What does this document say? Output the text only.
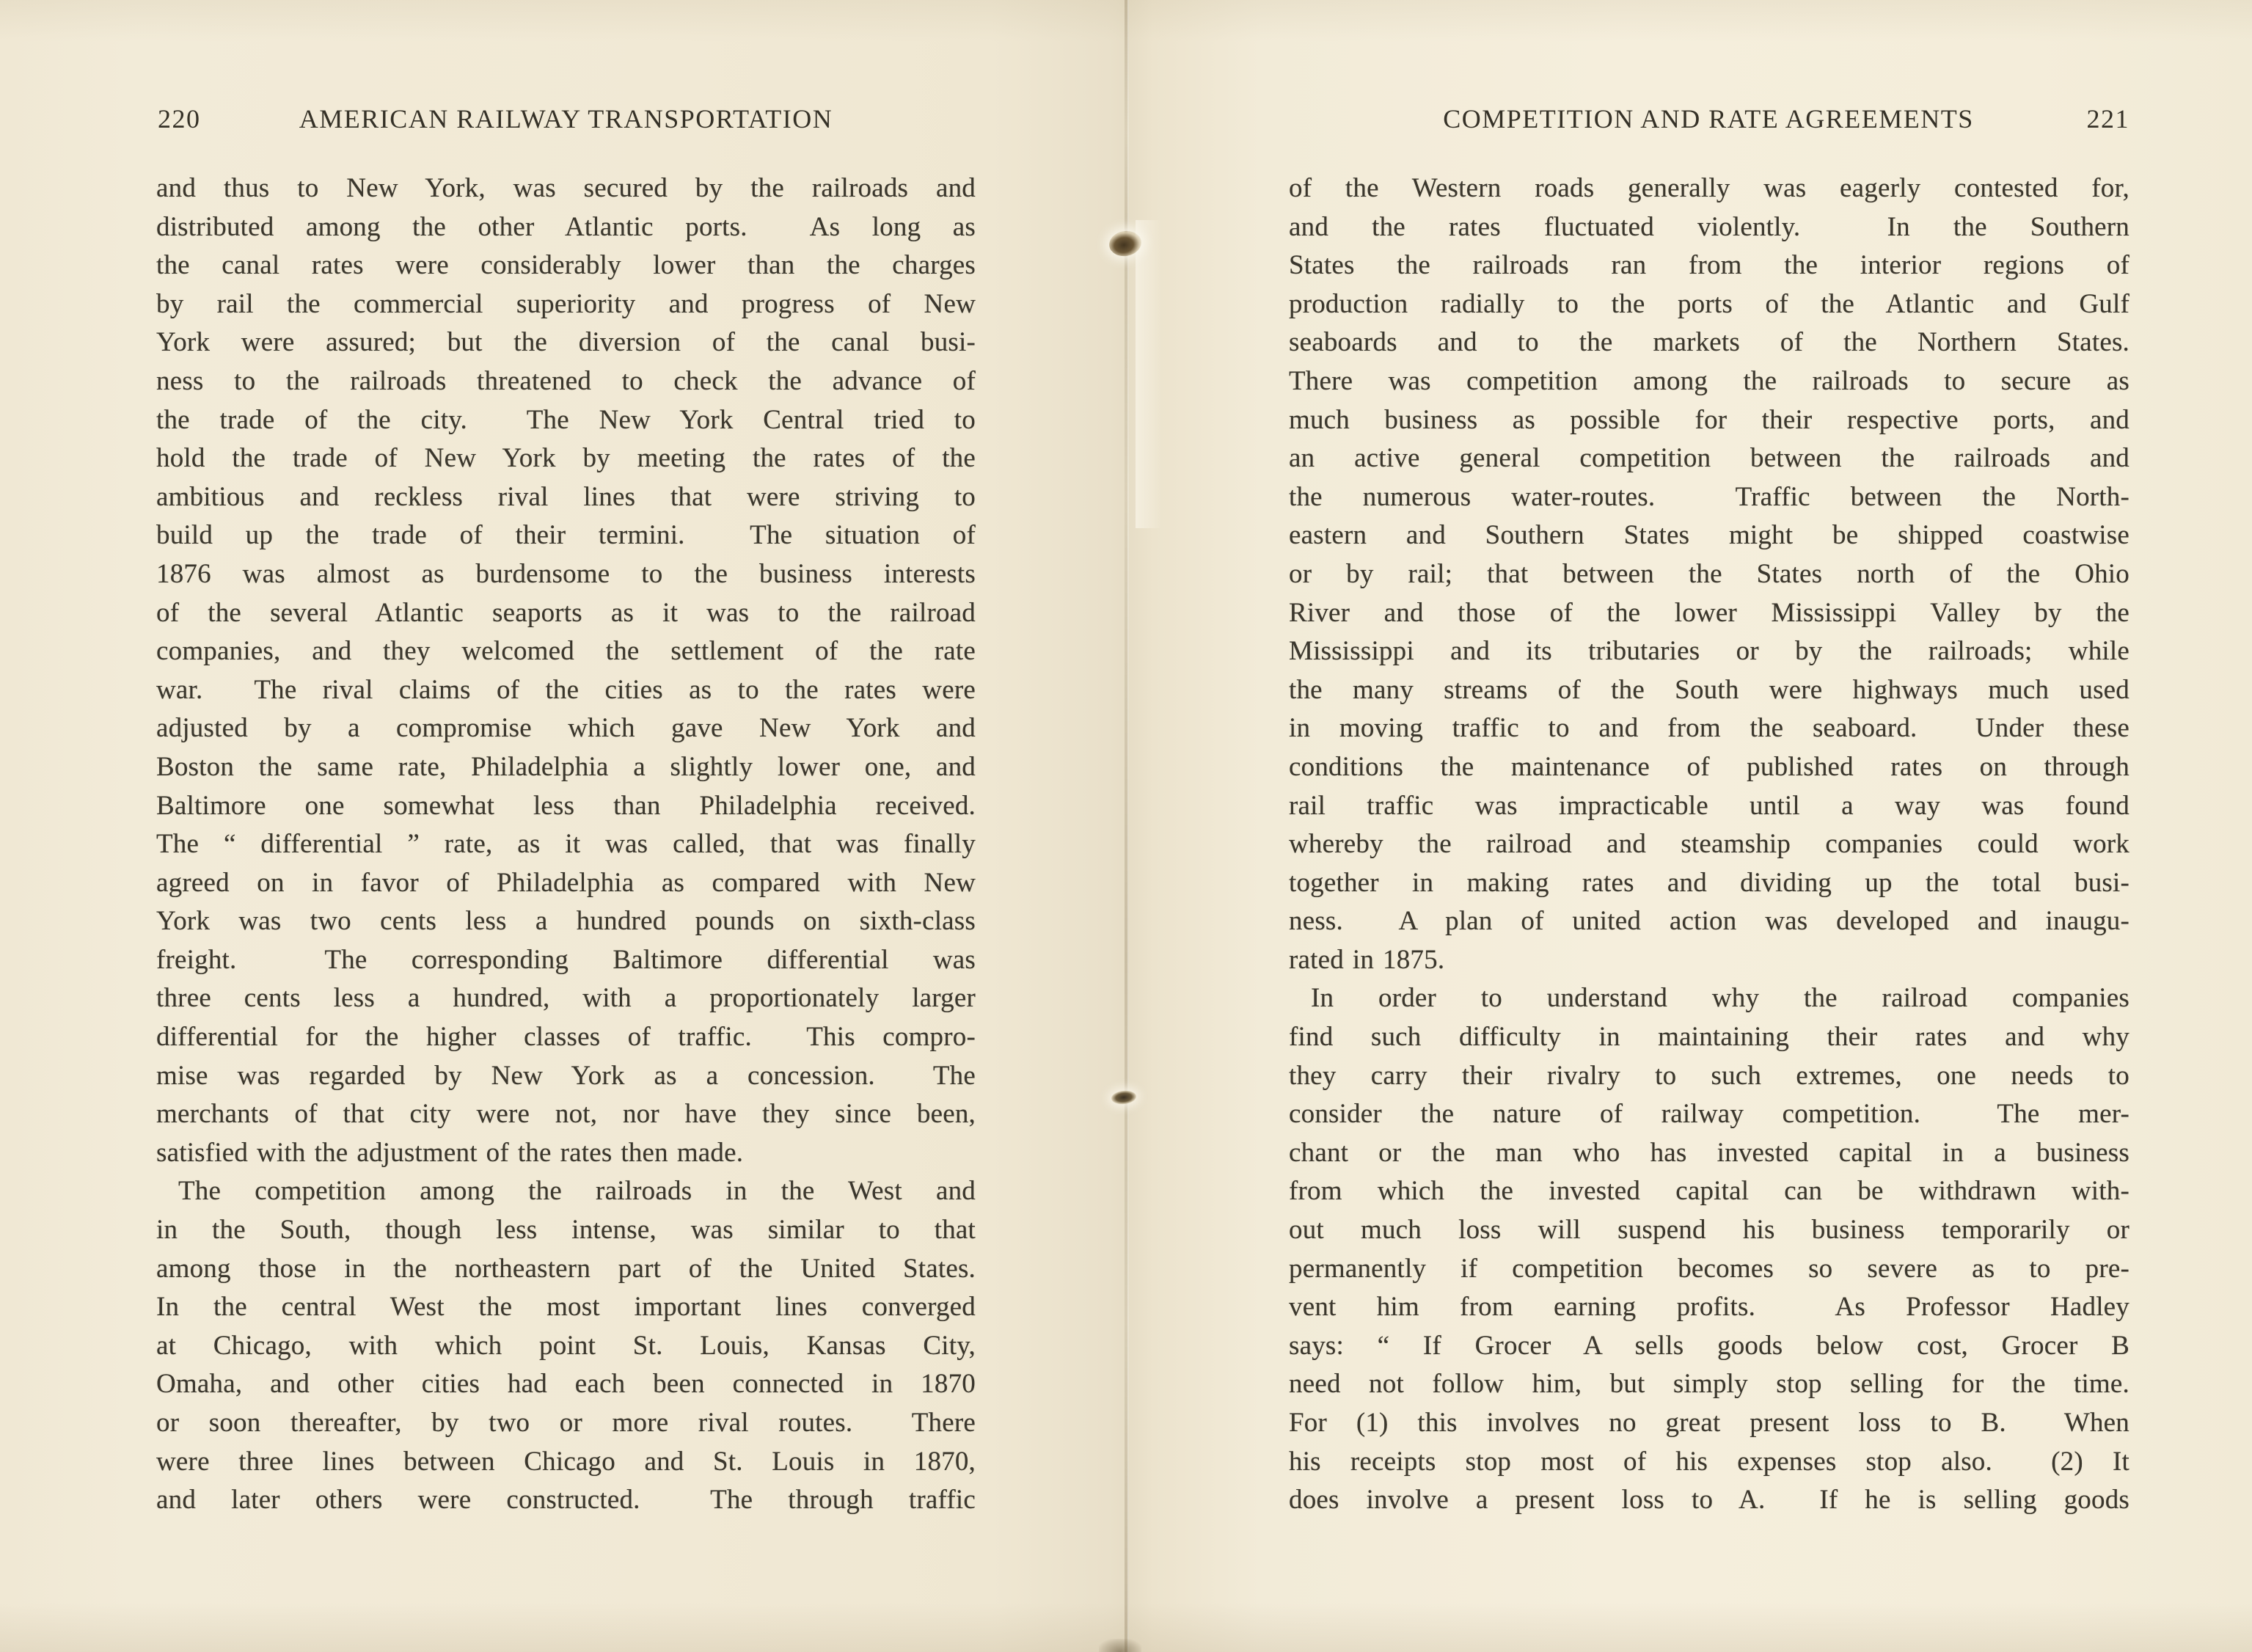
220	AMERICAN RAILWAY TRANSPORTATION	COMPETITION AND RATE AGREEMENTS	221
and thus to New York, was secured by the railroads and
distributed among the other Atlantic ports.  As long as
the canal rates were considerably lower than the charges
by rail the commercial superiority and progress of New
York were assured; but the diversion of the canal busi-
ness to the railroads threatened to check the advance of
the trade of the city.  The New York Central tried to
hold the trade of New York by meeting the rates of the
ambitious and reckless rival lines that were striving to
build up the trade of their termini.  The situation of
1876 was almost as burdensome to the business interests
of the several Atlantic seaports as it was to the railroad
companies, and they welcomed the settlement of the rate
war.  The rival claims of the cities as to the rates were
adjusted by a compromise which gave New York and
Boston the same rate, Philadelphia a slightly lower one, and
Baltimore one somewhat less than Philadelphia received.
The “ differential ” rate, as it was called, that was finally
agreed on in favor of Philadelphia as compared with New
York was two cents less a hundred pounds on sixth-class
freight.  The corresponding Baltimore differential was
three cents less a hundred, with a proportionately larger
differential for the higher classes of traffic.  This compro-
mise was regarded by New York as a concession.  The
merchants of that city were not, nor have they since been,
satisfied with the adjustment of the rates then made.
The competition among the railroads in the West and
in the South, though less intense, was similar to that
among those in the northeastern part of the United States.
In the central West the most important lines converged
at Chicago, with which point St. Louis, Kansas City,
Omaha, and other cities had each been connected in 1870
or soon thereafter, by two or more rival routes.  There
were three lines between Chicago and St. Louis in 1870,
and later others were constructed.  The through traffic
of the Western roads generally was eagerly contested for,
and the rates fluctuated violently.  In the Southern
States the railroads ran from the interior regions of
production radially to the ports of the Atlantic and Gulf
seaboards and to the markets of the Northern States.
There was competition among the railroads to secure as
much business as possible for their respective ports, and
an active general competition between the railroads and
the numerous water-routes.  Traffic between the North-
eastern and Southern States might be shipped coastwise
or by rail; that between the States north of the Ohio
River and those of the lower Mississippi Valley by the
Mississippi and its tributaries or by the railroads; while
the many streams of the South were highways much used
in moving traffic to and from the seaboard.  Under these
conditions the maintenance of published rates on through
rail traffic was impracticable until a way was found
whereby the railroad and steamship companies could work
together in making rates and dividing up the total busi-
ness.  A plan of united action was developed and inaugu-
rated in 1875.
In order to understand why the railroad companies
find such difficulty in maintaining their rates and why
they carry their rivalry to such extremes, one needs to
consider the nature of railway competition.  The mer-
chant or the man who has invested capital in a business
from which the invested capital can be withdrawn with-
out much loss will suspend his business temporarily or
permanently if competition becomes so severe as to pre-
vent him from earning profits.  As Professor Hadley
says: “ If Grocer A sells goods below cost, Grocer B
need not follow him, but simply stop selling for the time.
For (1) this involves no great present loss to B.  When
his receipts stop most of his expenses stop also.  (2) It
does involve a present loss to A.  If he is selling goods
